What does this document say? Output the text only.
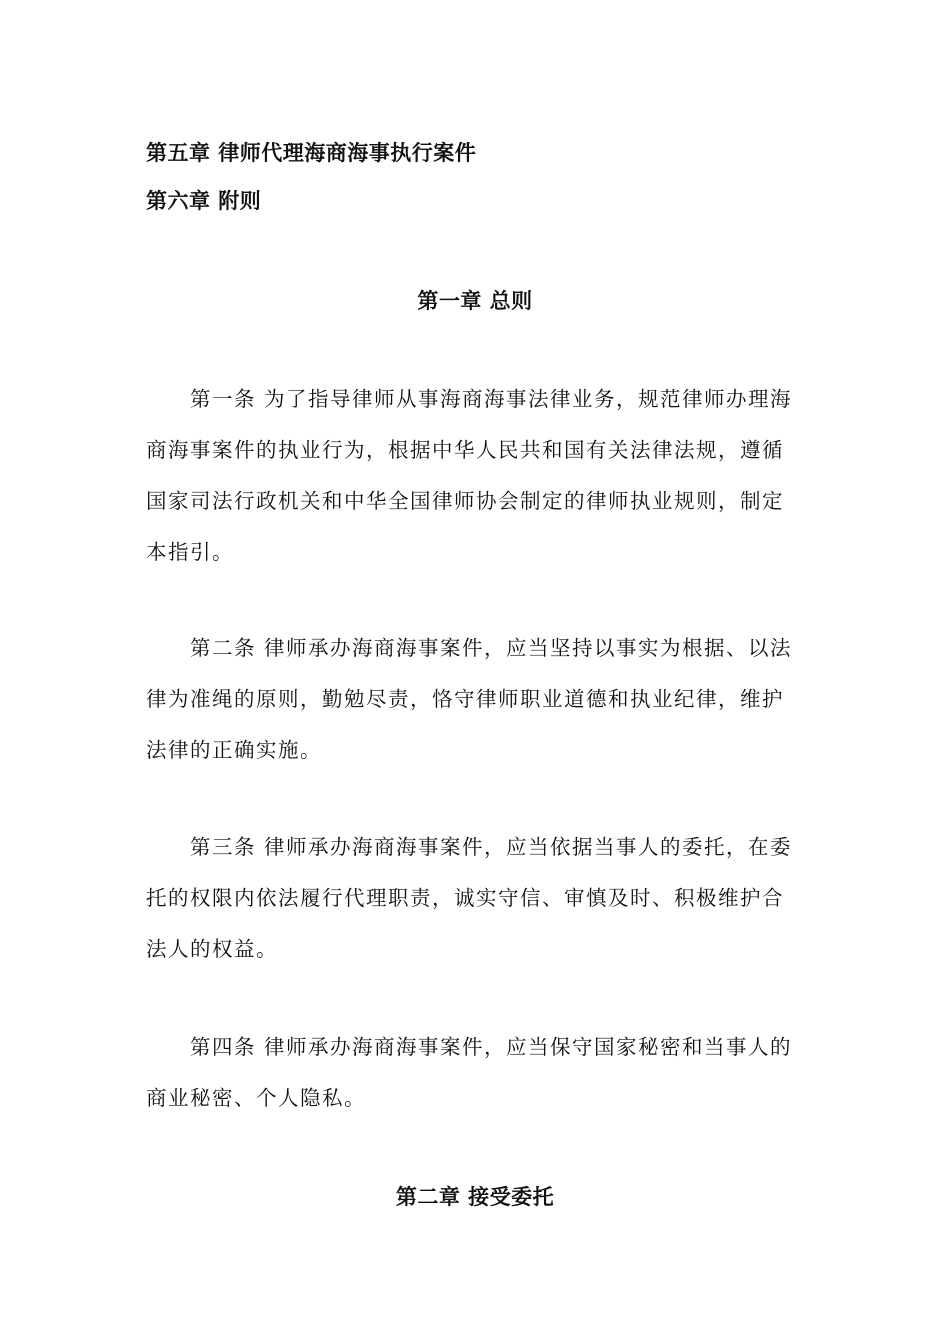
第五章 律师代理海商海事执行案件
第六章 附则
第一章 总则
第一条 为了指导律师从事海商海事法律业务，规范律师办理海
商海事案件的执业行为，根据中华人民共和国有关法律法规，遵循
国家司法行政机关和中华全国律师协会制定的律师执业规则，制定
本指引。
第二条 律师承办海商海事案件，应当坚持以事实为根据、以法
律为准绳的原则，勤勉尽责，恪守律师职业道德和执业纪律，维护
法律的正确实施。
第三条 律师承办海商海事案件，应当依据当事人的委托，在委
托的权限内依法履行代理职责，诚实守信、审慎及时、积极维护合
法人的权益。
第四条 律师承办海商海事案件，应当保守国家秘密和当事人的
商业秘密、个人隐私。
第二章 接受委托
